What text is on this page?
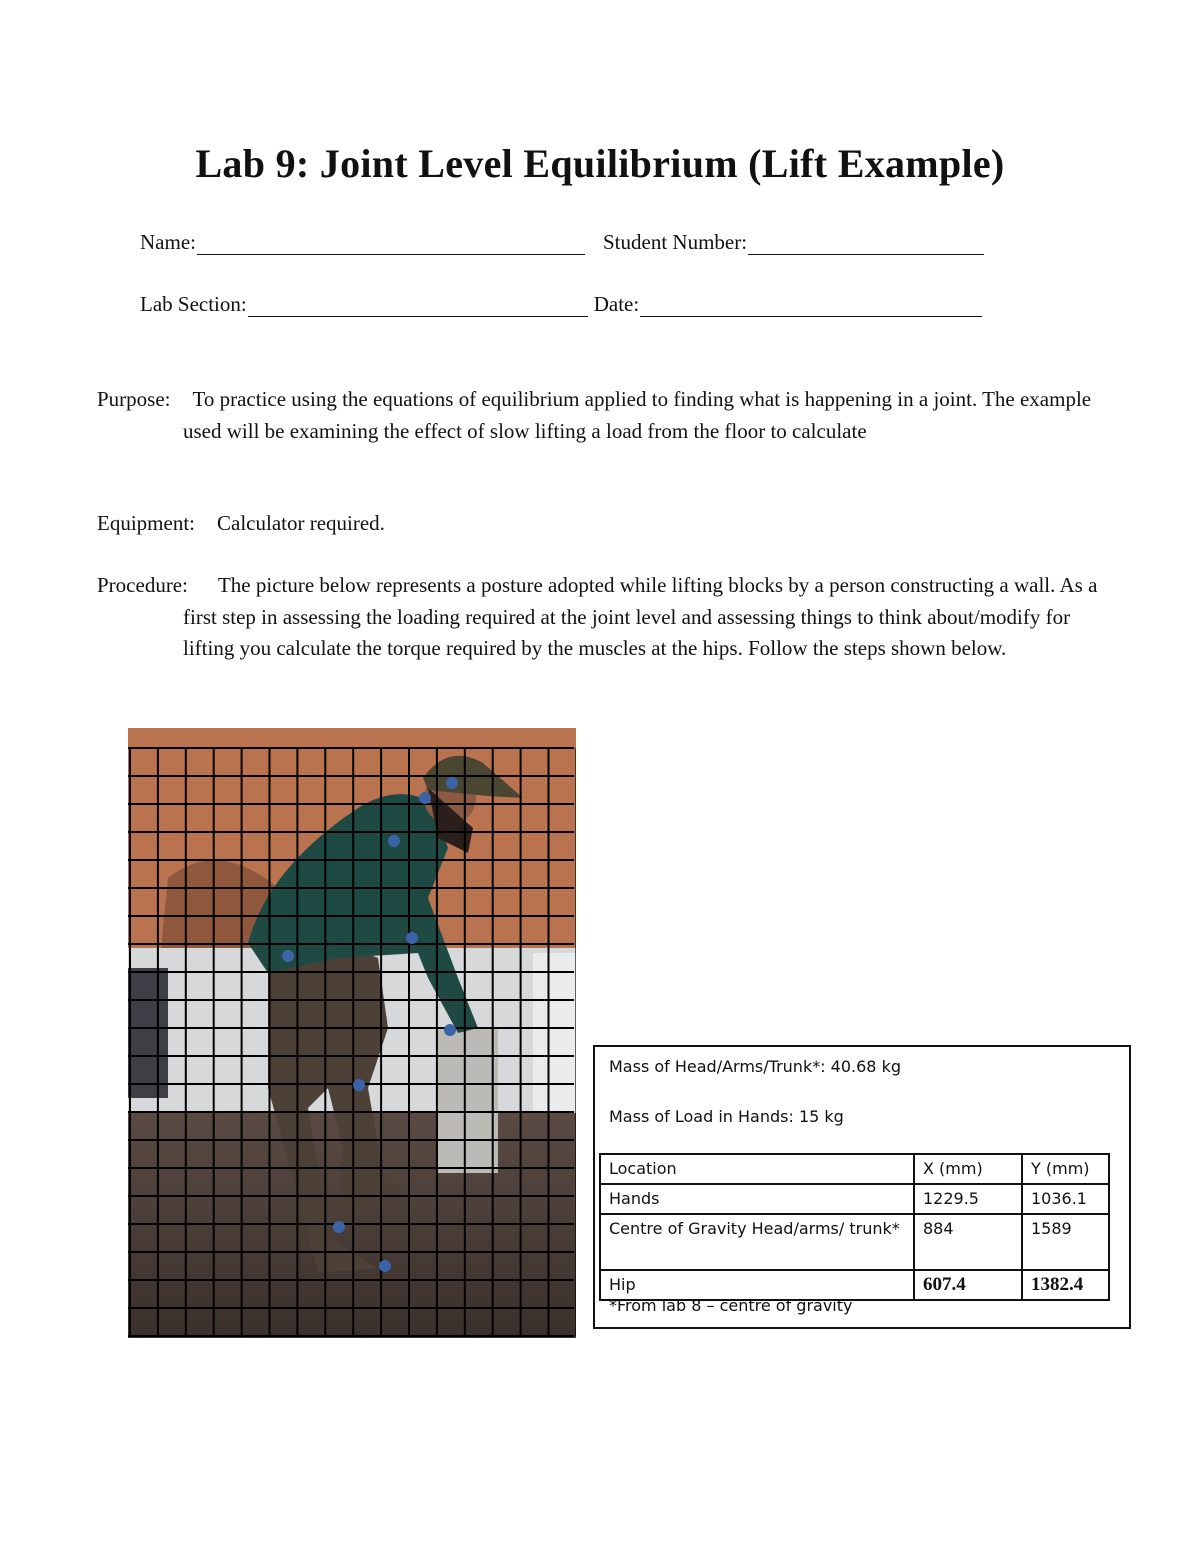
Lab 9: Joint Level Equilibrium (Lift Example)
Name:	Student Number:
Lab Section:	Date:
Purpose: To practice using the equations of equilibrium applied to finding what is happening in a joint. The example used will be examining the effect of slow lifting a load from the floor to calculate
Equipment: Calculator required.
Procedure: The picture below represents a posture adopted while lifting blocks by a person constructing a wall. As a first step in assessing the loading required at the joint level and assessing things to think about/modify for lifting you calculate the torque required by the muscles at the hips. Follow the steps shown below.
Mass of Head/Arms/Trunk*: 40.68 kg
Mass of Load in Hands: 15 kg
Location	X (mm)	Y (mm)
Hands	1229.5	1036.1
Centre of Gravity Head/arms/ trunk*	884	1589
Hip	607.4	1382.4
*From lab 8 – centre of gravity
